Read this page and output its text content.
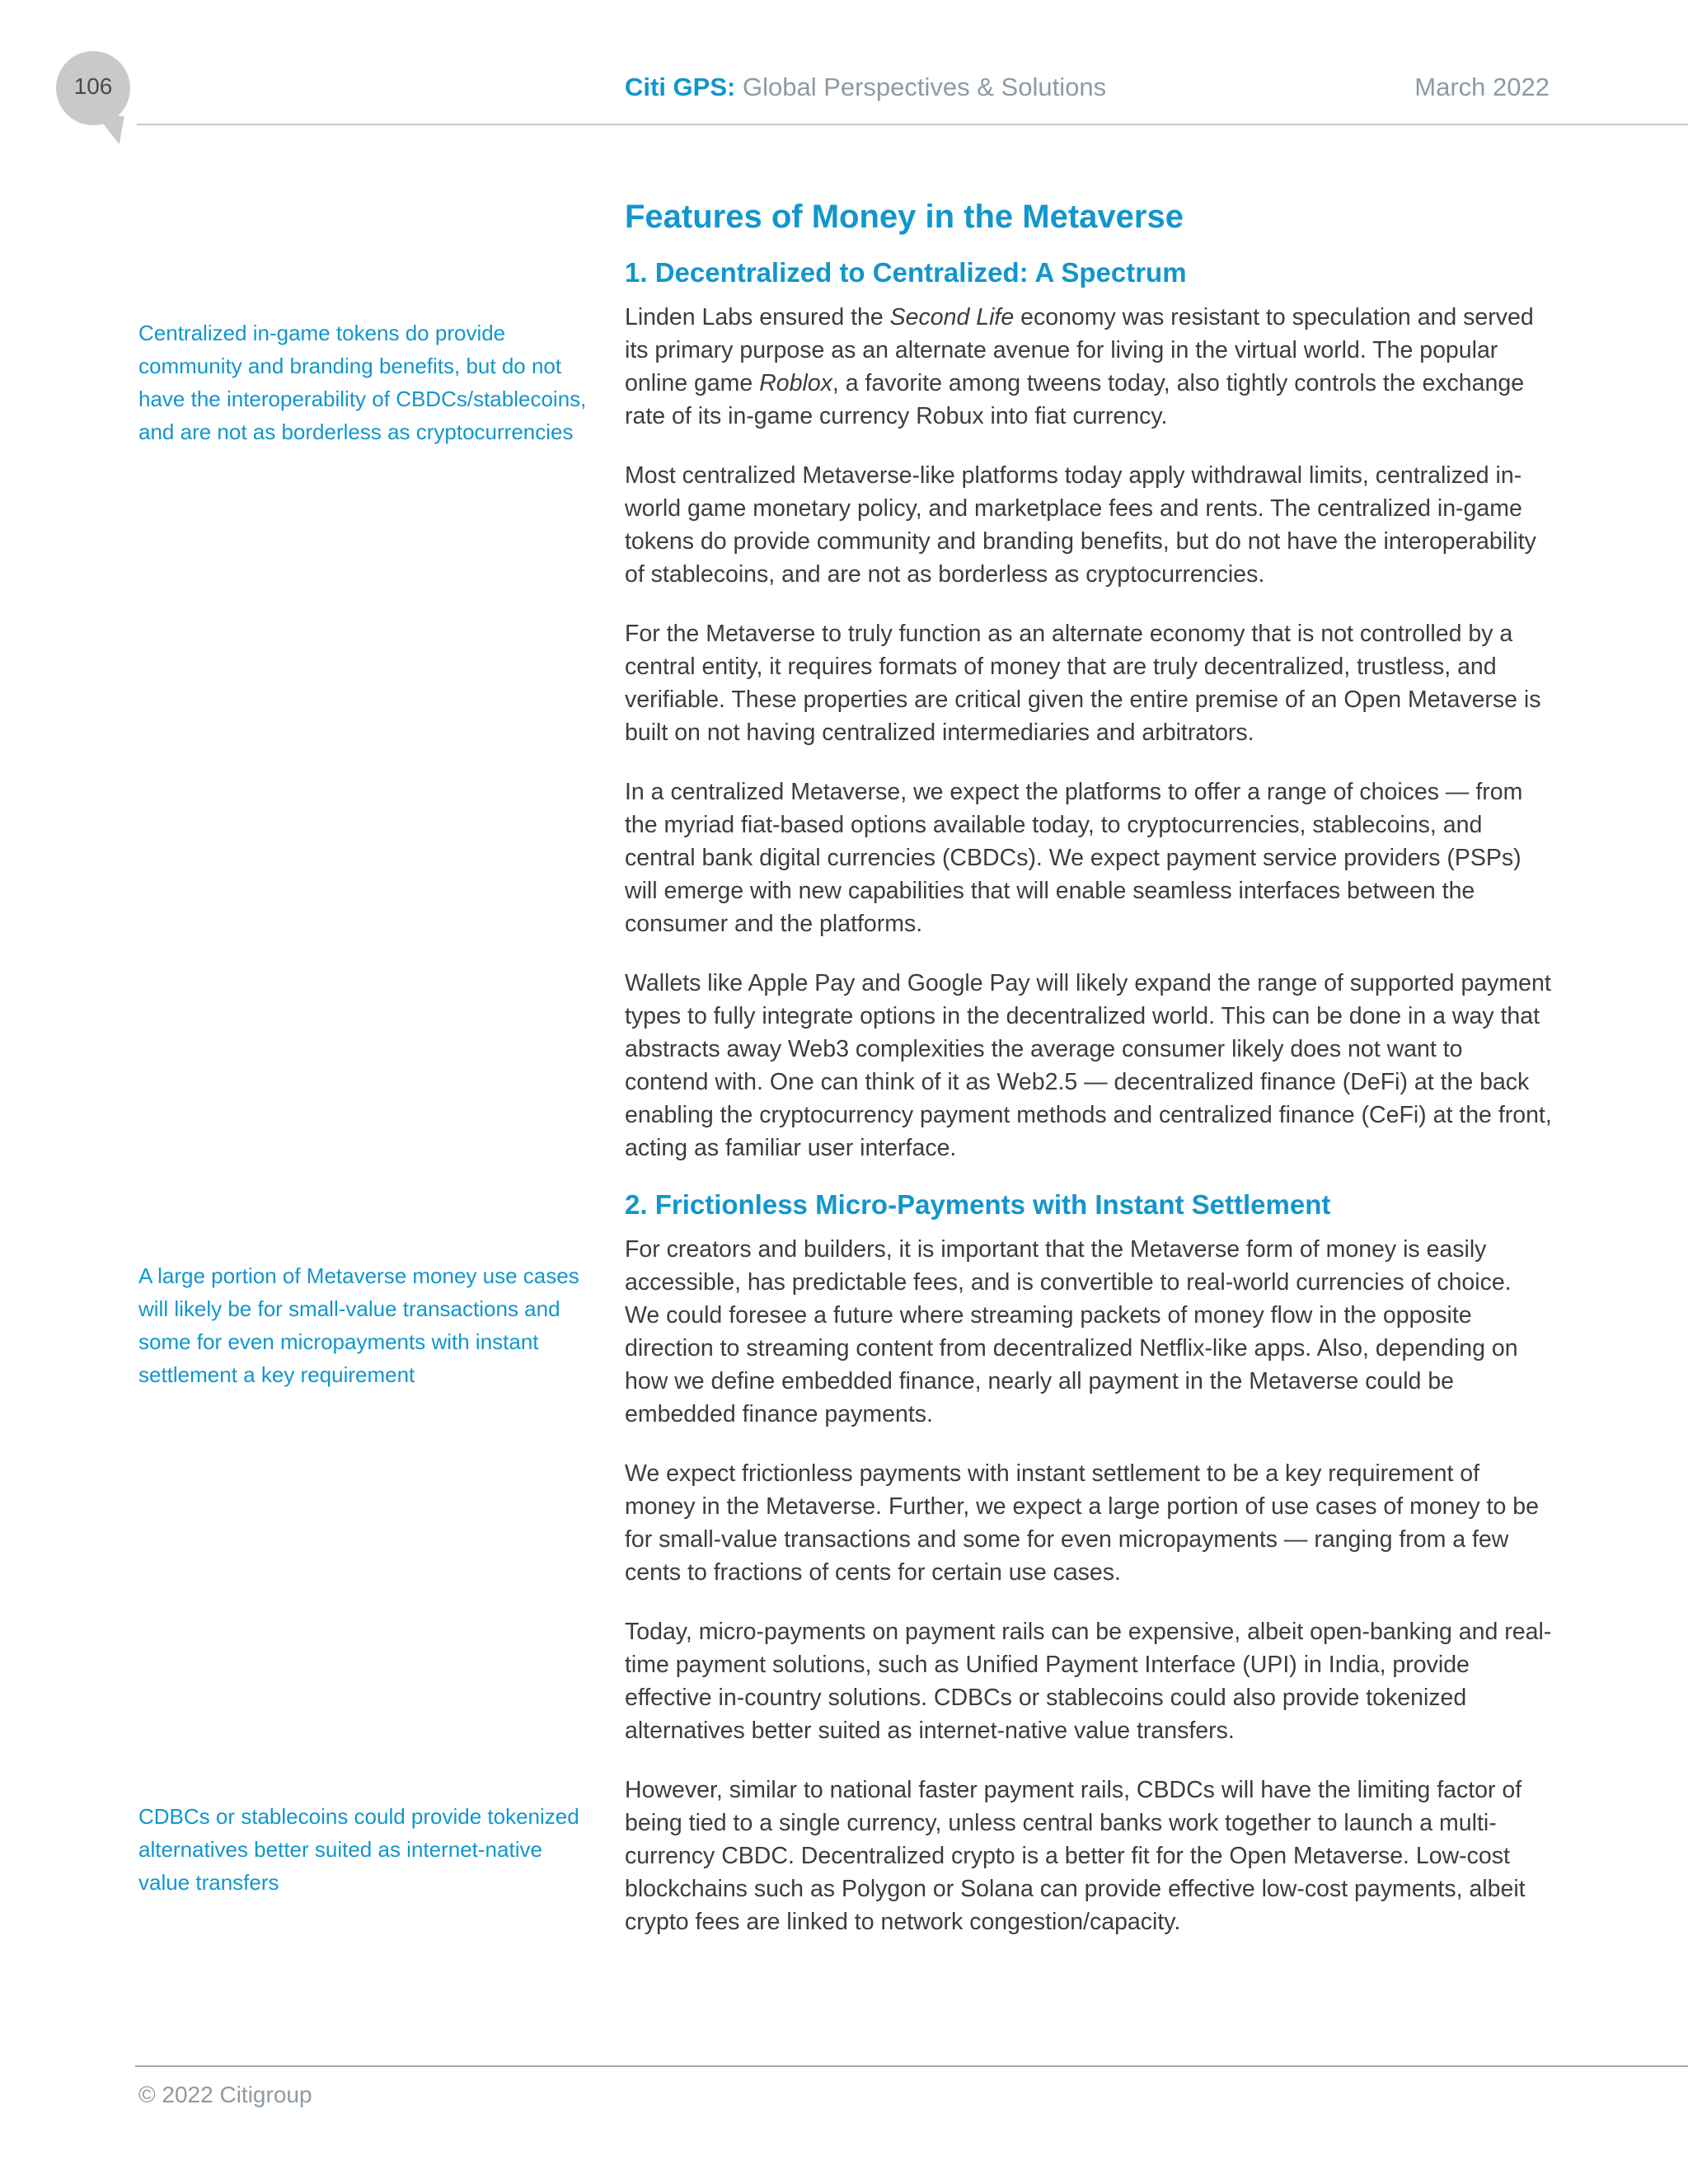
106	Citi GPS: Global Perspectives & Solutions	March 2022

Centralized in-game tokens do provide community and branding benefits, but do not have the interoperability of CBDCs/stablecoins, and are not as borderless as cryptocurrencies

A large portion of Metaverse money use cases will likely be for small-value transactions and some for even micropayments with instant settlement a key requirement

CDBCs or stablecoins could provide tokenized alternatives better suited as internet-native value transfers

Features of Money in the Metaverse
1. Decentralized to Centralized: A Spectrum

Linden Labs ensured the Second Life economy was resistant to speculation and served its primary purpose as an alternate avenue for living in the virtual world. The popular online game Roblox, a favorite among tweens today, also tightly controls the exchange rate of its in-game currency Robux into fiat currency.

Most centralized Metaverse-like platforms today apply withdrawal limits, centralized in-world game monetary policy, and marketplace fees and rents. The centralized in-game tokens do provide community and branding benefits, but do not have the interoperability of stablecoins, and are not as borderless as cryptocurrencies.

For the Metaverse to truly function as an alternate economy that is not controlled by a central entity, it requires formats of money that are truly decentralized, trustless, and verifiable. These properties are critical given the entire premise of an Open Metaverse is built on not having centralized intermediaries and arbitrators.

In a centralized Metaverse, we expect the platforms to offer a range of choices — from the myriad fiat-based options available today, to cryptocurrencies, stablecoins, and central bank digital currencies (CBDCs). We expect payment service providers (PSPs) will emerge with new capabilities that will enable seamless interfaces between the consumer and the platforms.

Wallets like Apple Pay and Google Pay will likely expand the range of supported payment types to fully integrate options in the decentralized world. This can be done in a way that abstracts away Web3 complexities the average consumer likely does not want to contend with. One can think of it as Web2.5 — decentralized finance (DeFi) at the back enabling the cryptocurrency payment methods and centralized finance (CeFi) at the front, acting as familiar user interface.

2. Frictionless Micro-Payments with Instant Settlement

For creators and builders, it is important that the Metaverse form of money is easily accessible, has predictable fees, and is convertible to real-world currencies of choice. We could foresee a future where streaming packets of money flow in the opposite direction to streaming content from decentralized Netflix-like apps. Also, depending on how we define embedded finance, nearly all payment in the Metaverse could be embedded finance payments.

We expect frictionless payments with instant settlement to be a key requirement of money in the Metaverse. Further, we expect a large portion of use cases of money to be for small-value transactions and some for even micropayments — ranging from a few cents to fractions of cents for certain use cases.

Today, micro-payments on payment rails can be expensive, albeit open-banking and real-time payment solutions, such as Unified Payment Interface (UPI) in India, provide effective in-country solutions. CDBCs or stablecoins could also provide tokenized alternatives better suited as internet-native value transfers.

However, similar to national faster payment rails, CBDCs will have the limiting factor of being tied to a single currency, unless central banks work together to launch a multi-currency CBDC. Decentralized crypto is a better fit for the Open Metaverse. Low-cost blockchains such as Polygon or Solana can provide effective low-cost payments, albeit crypto fees are linked to network congestion/capacity.

© 2022 Citigroup
